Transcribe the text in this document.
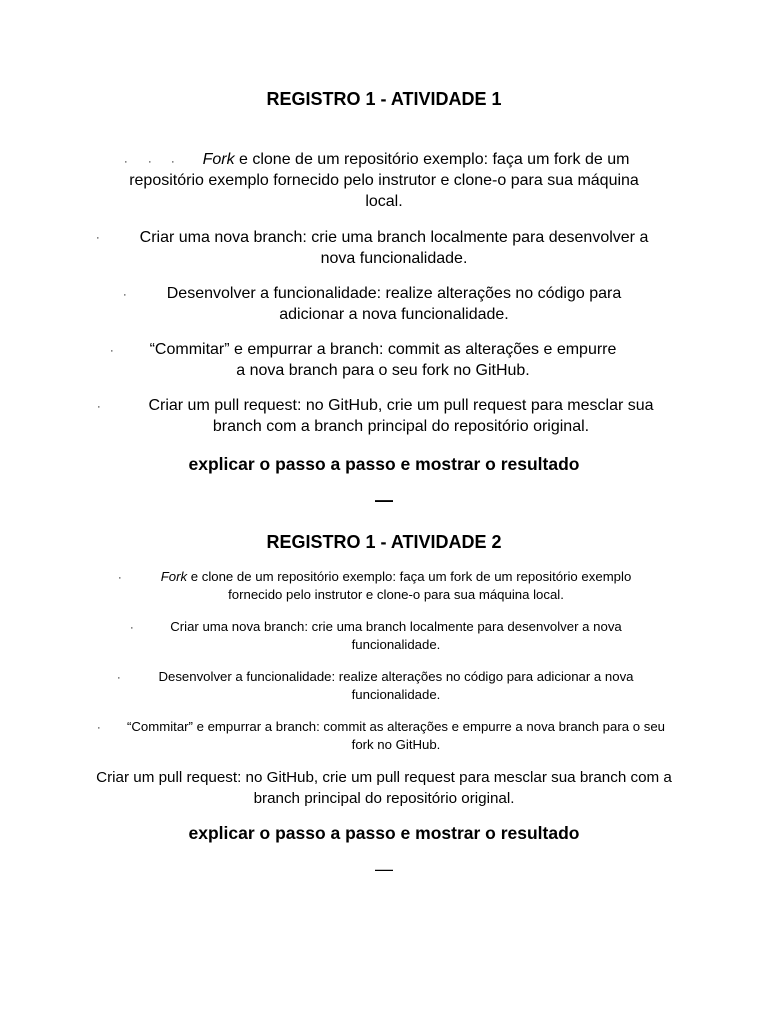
REGISTRO 1 - ATIVIDADE 1
· · ·	Fork e clone de um repositório exemplo: faça um fork de um repositório exemplo fornecido pelo instrutor e clone-o para sua máquina local.

·	Criar uma nova branch: crie uma branch localmente para desenvolver a nova funcionalidade.

·	Desenvolver a funcionalidade: realize alterações no código para adicionar a nova funcionalidade.

· “Commitar” e empurrar a branch: commit as alterações e empurre a nova branch para o seu fork no GitHub.

·	Criar um pull request: no GitHub, crie um pull request para mesclar sua branch com a branch principal do repositório original.

explicar o passo a passo e mostrar o resultado

—
REGISTRO 1 - ATIVIDADE 2
·	Fork e clone de um repositório exemplo: faça um fork de um repositório exemplo fornecido pelo instrutor e clone-o para sua máquina local.

·	Criar uma nova branch: crie uma branch localmente para desenvolver a nova funcionalidade.

·	Desenvolver a funcionalidade: realize alterações no código para adicionar a nova funcionalidade.

·	“Commitar” e empurrar a branch: commit as alterações e empurre a nova branch para o seu fork no GitHub.

Criar um pull request: no GitHub, crie um pull request para mesclar sua branch com a branch principal do repositório original.

explicar o passo a passo e mostrar o resultado

—
